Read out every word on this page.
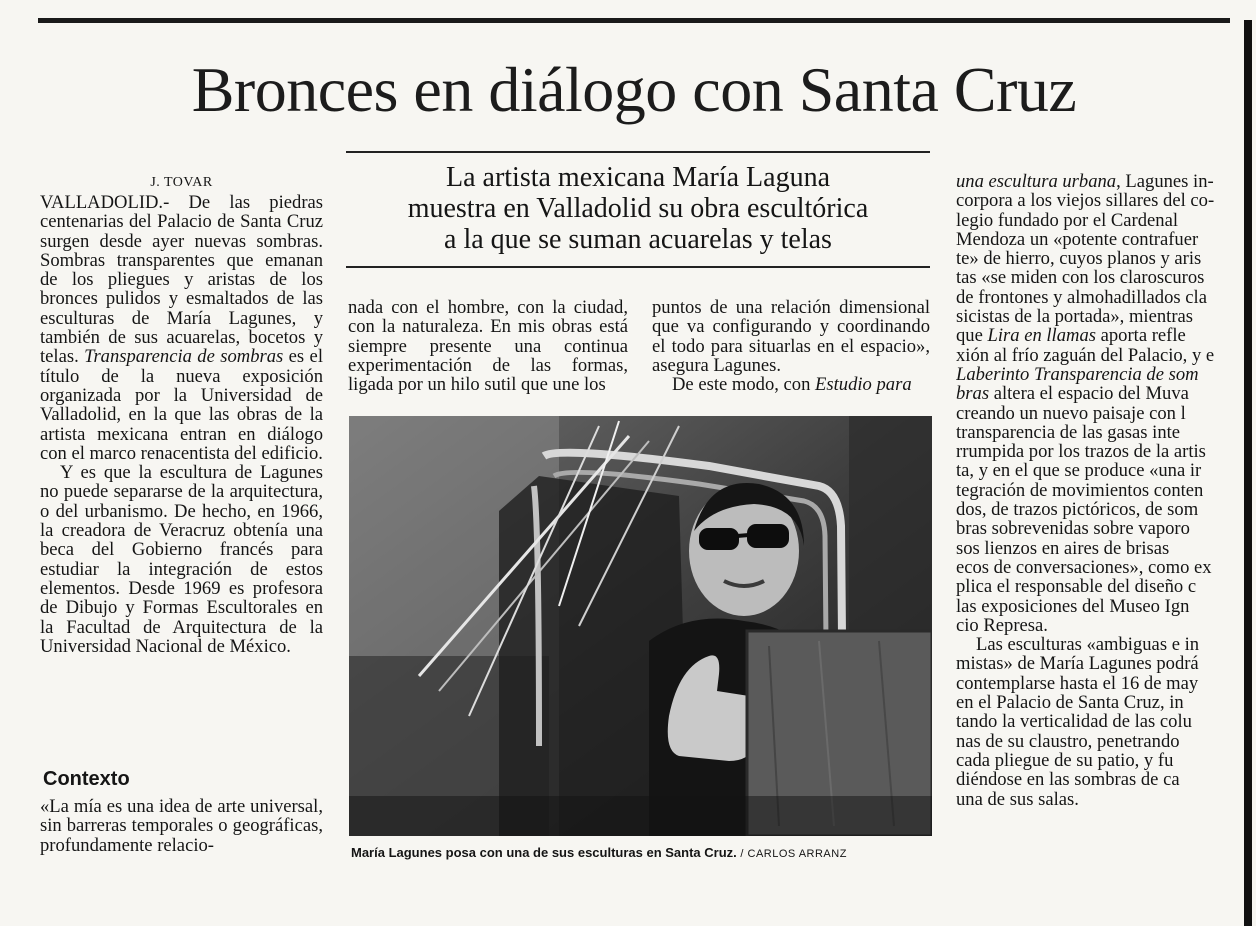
Bronces en diálogo con Santa Cruz
J. TOVAR

VALLADOLID.- De las piedras centenarias del Palacio de Santa Cruz surgen desde ayer nuevas sombras. Sombras transparentes que emanan de los pliegues y aristas de los bronces pulidos y esmaltados de las esculturas de María Lagunes, y también de sus acuarelas, bocetos y telas. Transparencia de sombras es el título de la nueva exposición organizada por la Universidad de Valladolid, en la que las obras de la artista mexicana entran en diálogo con el marco renacentista del edificio.

Y es que la escultura de Lagunes no puede separarse de la arquitectura, o del urbanismo. De hecho, en 1966, la creadora de Veracruz obtenía una beca del Gobierno francés para estudiar la integración de estos elementos. Desde 1969 es profesora de Dibujo y Formas Escultorales en la Facultad de Arquitectura de la Universidad Nacional de México.

Contexto

«La mía es una idea de arte universal, sin barreras temporales o geográficas, profundamente relacio-

La artista mexicana María Laguna
muestra en Valladolid su obra escultórica
a la que se suman acuarelas y telas

nada con el hombre, con la ciudad, con la naturaleza. En mis obras está siempre presente una continua experimentación de las formas, ligada por un hilo sutil que une los

puntos de una relación dimensional que va configurando y coordinando el todo para situarlas en el espacio», asegura Lagunes.

De este modo, con Estudio para

una escultura urbana, Lagunes in-
corpora a los viejos sillares del co-
legio fundado por el Cardenal
Mendoza un «potente contrafuer
te» de hierro, cuyos planos y aris
tas «se miden con los claroscuros
de frontones y almohadillados cla
sicistas de la portada», mientras
que Lira en llamas aporta refle
xión al frío zaguán del Palacio, y e
Laberinto Transparencia de som
bras altera el espacio del Muva
creando un nuevo paisaje con l
transparencia de las gasas inte
rrumpida por los trazos de la artis
ta, y en el que se produce «una ir
tegración de movimientos conten
dos, de trazos pictóricos, de som
bras sobrevenidas sobre vaporo
sos lienzos en aires de brisas
ecos de conversaciones», como ex
plica el responsable del diseño c
las exposiciones del Museo Ign
cio Represa.
Las esculturas «ambiguas e in
mistas» de María Lagunes podrá
contemplarse hasta el 16 de may
en el Palacio de Santa Cruz, in
tando la verticalidad de las colu
nas de su claustro, penetrando
cada pliegue de su patio, y fu
diéndose en las sombras de ca
una de sus salas.
María Lagunes posa con una de sus esculturas en Santa Cruz. / CARLOS ARRANZ
